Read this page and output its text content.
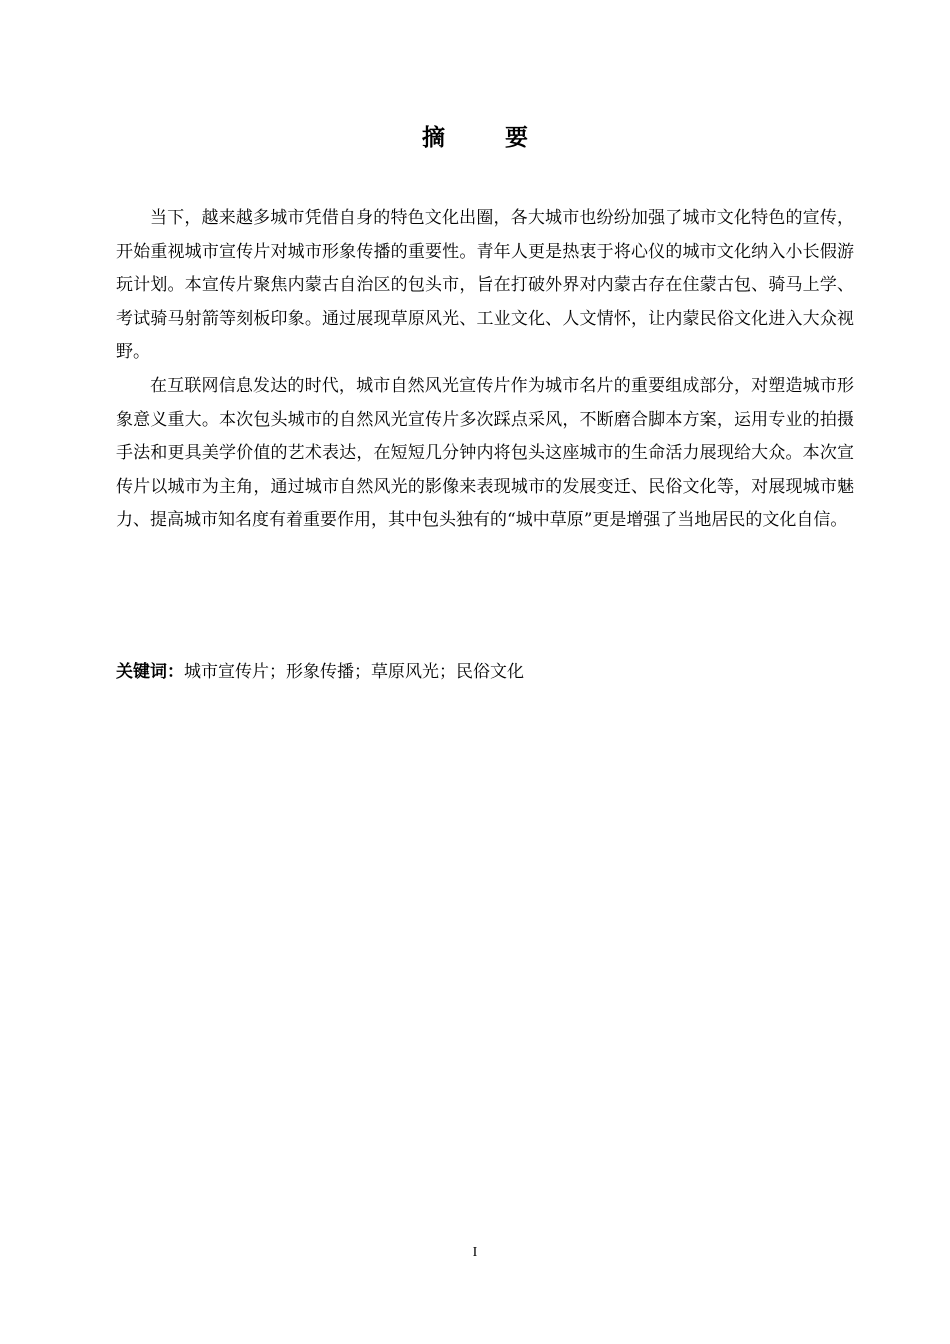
摘 要

当下，越来越多城市凭借自身的特色文化出圈，各大城市也纷纷加强了城市文化特色的宣传，开始重视城市宣传片对城市形象传播的重要性。青年人更是热衷于将心仪的城市文化纳入小长假游玩计划。本宣传片聚焦内蒙古自治区的包头市，旨在打破外界对内蒙古存在住蒙古包、骑马上学、考试骑马射箭等刻板印象。通过展现草原风光、工业文化、人文情怀，让内蒙民俗文化进入大众视野。

在互联网信息发达的时代，城市自然风光宣传片作为城市名片的重要组成部分，对塑造城市形象意义重大。本次包头城市的自然风光宣传片多次踩点采风，不断磨合脚本方案，运用专业的拍摄手法和更具美学价值的艺术表达，在短短几分钟内将包头这座城市的生命活力展现给大众。本次宣传片以城市为主角，通过城市自然风光的影像来表现城市的发展变迁、民俗文化等，对展现城市魅力、提高城市知名度有着重要作用，其中包头独有的“城中草原”更是增强了当地居民的文化自信。

关键词：城市宣传片；形象传播；草原风光；民俗文化

I
